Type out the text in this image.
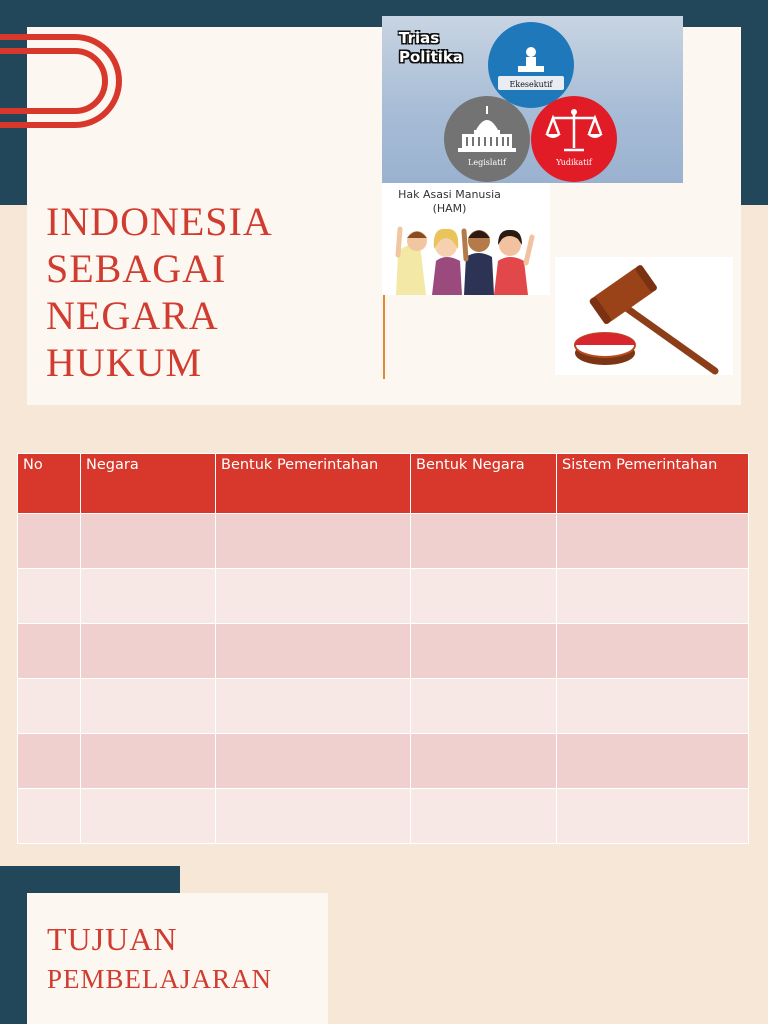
INDONESIA
SEBAGAI
NEGARA
HUKUM
Trias
Politika
Ekesekutif
Legislatif	Yudikatif
Hak Asasi Manusia
(HAM)
No	Negara	Bentuk Pemerintahan	Bentuk Negara	Sistem Pemerintahan

TUJUAN
PEMBELAJARAN
